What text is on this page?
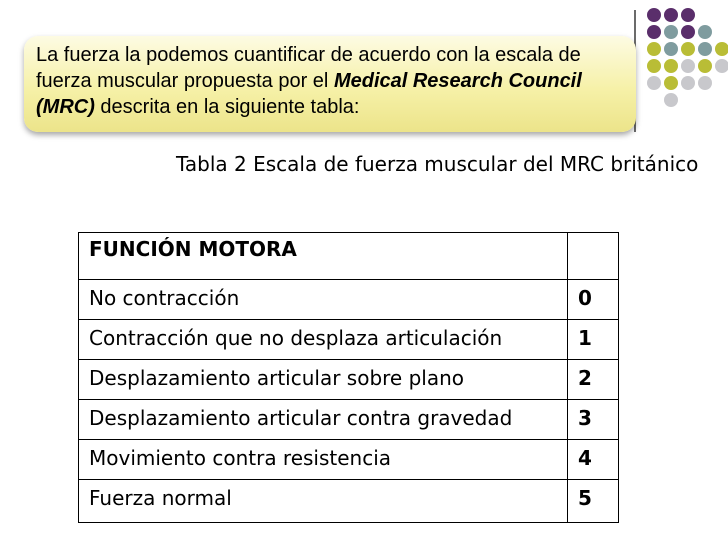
La fuerza la podemos cuantificar de acuerdo con la escala de fuerza muscular propuesta por el Medical Research Council (MRC) descrita en la siguiente tabla:
Tabla 2 Escala de fuerza muscular del MRC británico
FUNCIÓN MOTORA	
No contracción	0
Contracción que no desplaza articulación	1
Desplazamiento articular sobre plano	2
Desplazamiento articular contra gravedad	3
Movimiento contra resistencia	4
Fuerza normal	5
